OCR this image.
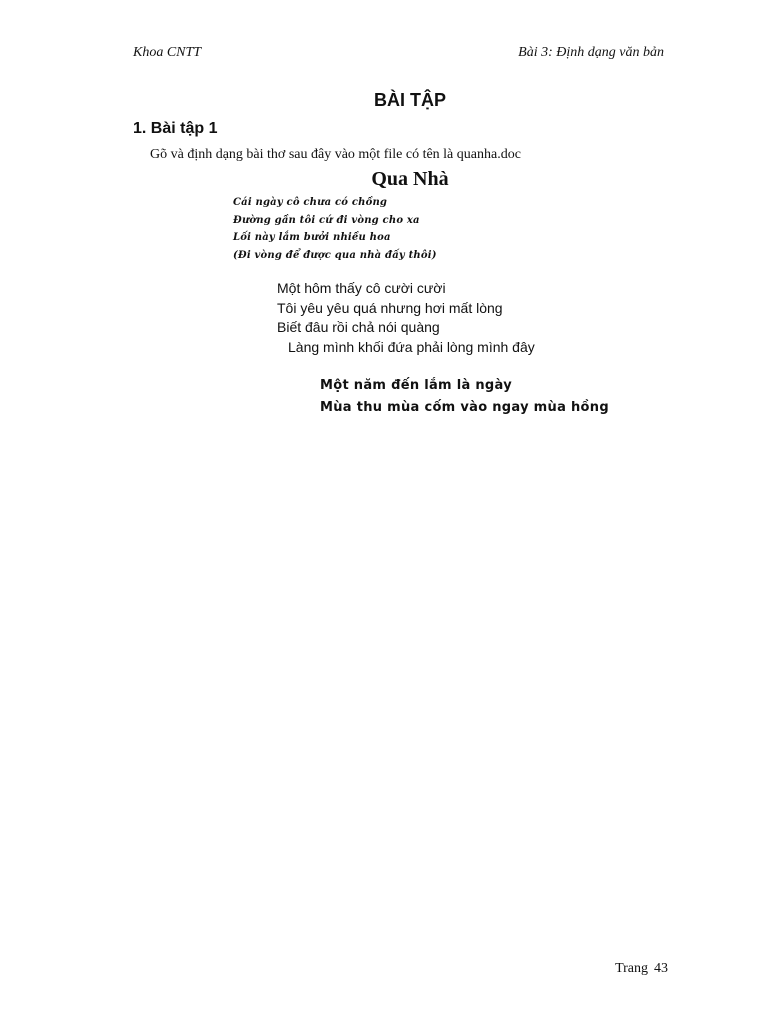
Khoa CNTT	Bài 3: Định dạng văn bản
BÀI TẬP
1. Bài tập 1
Gõ và định dạng bài thơ sau đây vào một file có tên là quanha.doc
Qua Nhà
Cái ngày cô chưa có chồng
Đường gần tôi cứ đi vòng cho xa
Lối này lắm bưởi nhiều hoa
(Đi vòng để được qua nhà đấy thôi)
Một hôm thấy cô cười cười
Tôi yêu yêu quá nhưng hơi mất lòng
Biết đâu rồi chả nói quàng
Làng mình khối đứa phải lòng mình đây
Một năm đến lắm là ngày
Mùa thu mùa cốm vào ngay mùa hồng
Trang 43
